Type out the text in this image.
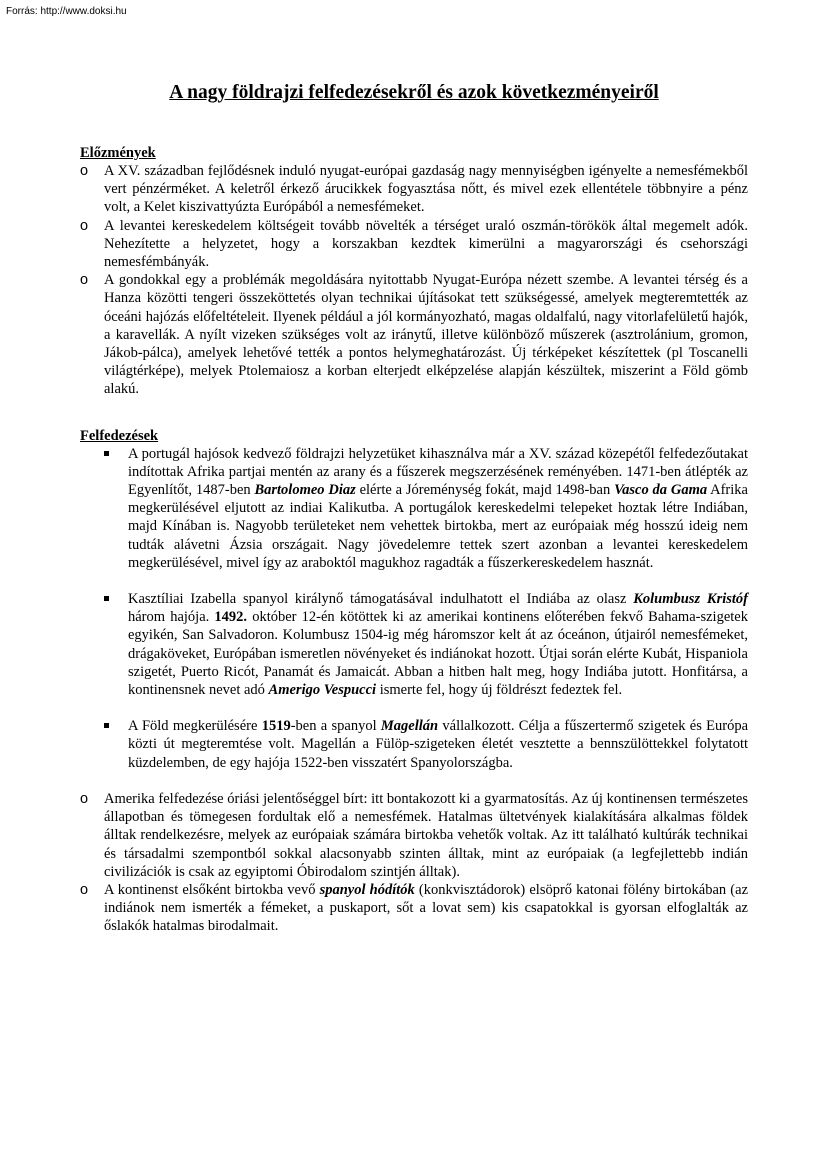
Forrás: http://www.doksi.hu
A nagy földrajzi felfedezésekről és azok következményeiről
Előzmények
o A XV. században fejlődésnek induló nyugat-európai gazdaság nagy mennyiségben igényelte a nemesfémekből vert pénzérméket. A keletről érkező árucikkek fogyasztása nőtt, és mivel ezek ellentétele többnyire a pénz volt, a Kelet kiszivattyúzta Európából a nemesfémeket.

o A levantei kereskedelem költségeit tovább növelték a térséget uraló oszmán-törökök által megemelt adók. Nehezítette a helyzetet, hogy a korszakban kezdtek kimerülni a magyarországi és csehországi nemesfémbányák.

o A gondokkal egy a problémák megoldására nyitottabb Nyugat-Európa nézett szembe. A levantei térség és a Hanza közötti tengeri összeköttetés olyan technikai újításokat tett szükségessé, amelyek megteremtették az óceáni hajózás előfeltételeit. Ilyenek például a jól kormányozható, magas oldalfalú, nagy vitorlafelületű hajók, a karavellák. A nyílt vizeken szükséges volt az iránytű, illetve különböző műszerek (asztrolánium, gromon, Jákob-pálca), amelyek lehetővé tették a pontos helymeghatározást. Új térképeket készítettek (pl Toscanelli világtérképe), melyek Ptolemaiosz a korban elterjedt elképzelése alapján készültek, miszerint a Föld gömb alakú.

Felfedezések

A portugál hajósok kedvező földrajzi helyzetüket kihasználva már a XV. század közepétől felfedezőutakat indítottak Afrika partjai mentén az arany és a fűszerek megszerzésének reményében. 1471-ben átlépték az Egyenlítőt, 1487-ben Bartolomeo Diaz elérte a Jóreménység fokát, majd 1498-ban Vasco da Gama Afrika megkerülésével eljutott az indiai Kalikutba. A portugálok kereskedelmi telepeket hoztak létre Indiában, majd Kínában is. Nagyobb területeket nem vehettek birtokba, mert az európaiak még hosszú ideig nem tudták alávetni Ázsia országait. Nagy jövedelemre tettek szert azonban a levantei kereskedelem megkerülésével, mivel így az araboktól magukhoz ragadták a fűszerkereskedelem hasznát.

Kasztíliai Izabella spanyol királynő támogatásával indulhatott el Indiába az olasz Kolumbusz Kristóf három hajója. 1492. október 12-én kötöttek ki az amerikai kontinens előterében fekvő Bahama-szigetek egyikén, San Salvadoron. Kolumbusz 1504-ig még háromszor kelt át az óceánon, útjairól nemesfémeket, drágaköveket, Európában ismeretlen növényeket és indiánokat hozott. Útjai során elérte Kubát, Hispaniola szigetét, Puerto Ricót, Panamát és Jamaicát. Abban a hitben halt meg, hogy Indiába jutott. Honfitársa, a kontinensnek nevet adó Amerigo Vespucci ismerte fel, hogy új földrészt fedeztek fel.

A Föld megkerülésére 1519-ben a spanyol Magellán vállalkozott. Célja a fűszertermő szigetek és Európa közti út megteremtése volt. Magellán a Fülöp-szigeteken életét vesztette a bennszülöttekkel folytatott küzdelemben, de egy hajója 1522-ben visszatért Spanyolországba.

o Amerika felfedezése óriási jelentőséggel bírt: itt bontakozott ki a gyarmatosítás. Az új kontinensen természetes állapotban és tömegesen fordultak elő a nemesfémek. Hatalmas ültetvények kialakítására alkalmas földek álltak rendelkezésre, melyek az európaiak számára birtokba vehetők voltak. Az itt található kultúrák technikai és társadalmi szempontból sokkal alacsonyabb szinten álltak, mint az európaiak (a legfejlettebb indián civilizációk is csak az egyiptomi Óbirodalom szintjén álltak).

o A kontinenst elsőként birtokba vevő spanyol hódítók (konkvisztádorok) elsöprő katonai fölény birtokában (az indiánok nem ismerték a fémeket, a puskaport, sőt a lovat sem) kis csapatokkal is gyorsan elfoglalták az őslakók hatalmas birodalmait.
